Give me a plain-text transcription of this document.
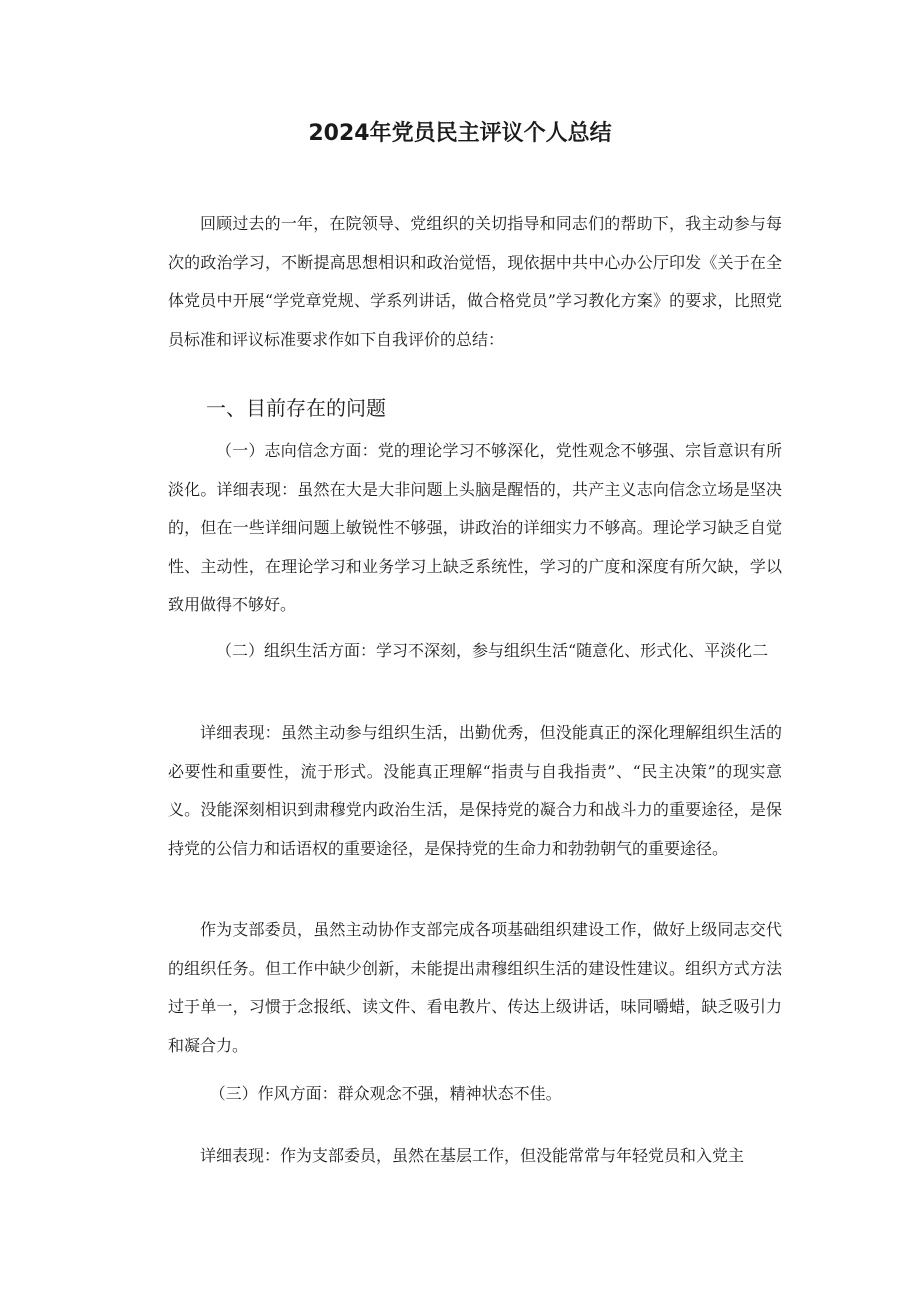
2024年党员民主评议个人总结

回顾过去的一年，在院领导、党组织的关切指导和同志们的帮助下，我主动参与每次的政治学习，不断提高思想相识和政治觉悟，现依据中共中心办公厅印发《关于在全体党员中开展“学党章党规、学系列讲话，做合格党员”学习教化方案》的要求，比照党员标准和评议标准要求作如下自我评价的总结：

一、目前存在的问题

（一）志向信念方面：党的理论学习不够深化，党性观念不够强、宗旨意识有所淡化。详细表现：虽然在大是大非问题上头脑是醒悟的，共产主义志向信念立场是坚决的，但在一些详细问题上敏锐性不够强，讲政治的详细实力不够高。理论学习缺乏自觉性、主动性，在理论学习和业务学习上缺乏系统性，学习的广度和深度有所欠缺，学以致用做得不够好。

（二）组织生活方面：学习不深刻，参与组织生活“随意化、形式化、平淡化二

详细表现：虽然主动参与组织生活，出勤优秀，但没能真正的深化理解组织生活的必要性和重要性，流于形式。没能真正理解“指责与自我指责”、“民主决策”的现实意义。没能深刻相识到肃穆党内政治生活，是保持党的凝合力和战斗力的重要途径，是保持党的公信力和话语权的重要途径，是保持党的生命力和勃勃朝气的重要途径。

作为支部委员，虽然主动协作支部完成各项基础组织建设工作，做好上级同志交代的组织任务。但工作中缺少创新，未能提出肃穆组织生活的建设性建议。组织方式方法过于单一，习惯于念报纸、读文件、看电教片、传达上级讲话，味同嚼蜡，缺乏吸引力和凝合力。

（三）作风方面：群众观念不强，精神状态不佳。

详细表现：作为支部委员，虽然在基层工作，但没能常常与年轻党员和入党主
